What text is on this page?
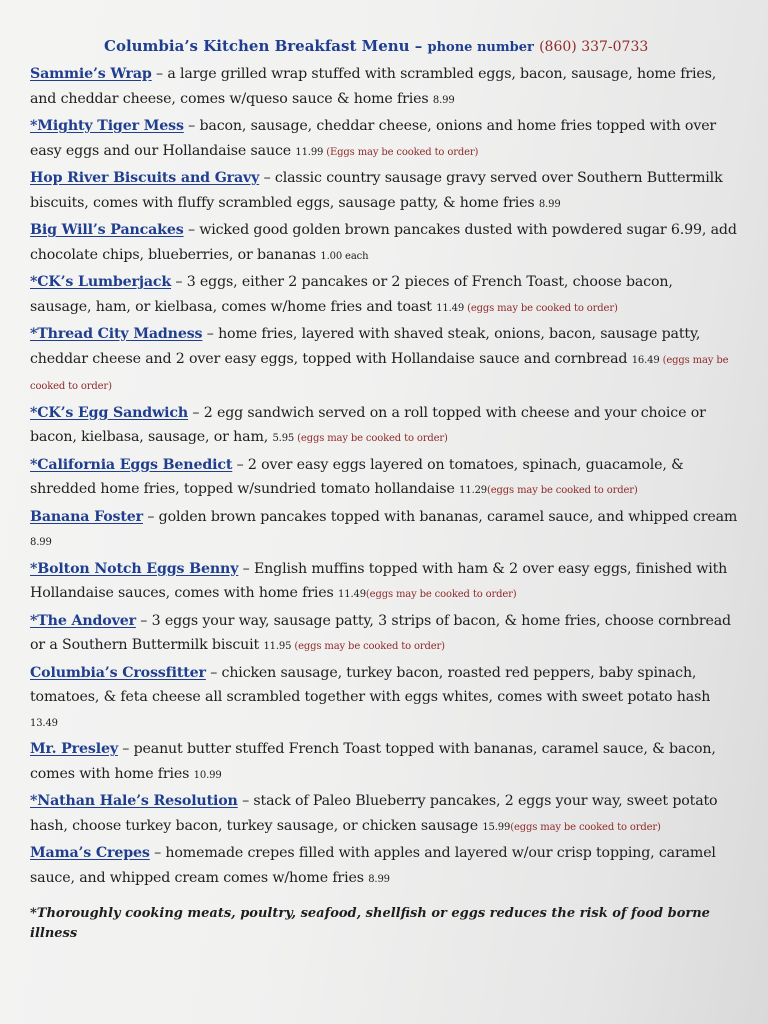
Columbia’s Kitchen Breakfast Menu – phone number (860) 337-0733
Sammie’s Wrap – a large grilled wrap stuffed with scrambled eggs, bacon, sausage, home fries, and cheddar cheese, comes w/queso sauce & home fries 8.99
*Mighty Tiger Mess – bacon, sausage, cheddar cheese, onions and home fries topped with over easy eggs and our Hollandaise sauce 11.99 (Eggs may be cooked to order)
Hop River Biscuits and Gravy – classic country sausage gravy served over Southern Buttermilk biscuits, comes with fluffy scrambled eggs, sausage patty, & home fries 8.99
Big Will’s Pancakes – wicked good golden brown pancakes dusted with powdered sugar 6.99, add chocolate chips, blueberries, or bananas 1.00 each
*CK’s Lumberjack – 3 eggs, either 2 pancakes or 2 pieces of French Toast, choose bacon, sausage, ham, or kielbasa, comes w/home fries and toast 11.49 (eggs may be cooked to order)
*Thread City Madness – home fries, layered with shaved steak, onions, bacon, sausage patty, cheddar cheese and 2 over easy eggs, topped with Hollandaise sauce and cornbread 16.49 (eggs may be cooked to order)
*CK’s Egg Sandwich – 2 egg sandwich served on a roll topped with cheese and your choice or bacon, kielbasa, sausage, or ham, 5.95 (eggs may be cooked to order)
*California Eggs Benedict – 2 over easy eggs layered on tomatoes, spinach, guacamole, & shredded home fries, topped w/sundried tomato hollandaise 11.29(eggs may be cooked to order)
Banana Foster – golden brown pancakes topped with bananas, caramel sauce, and whipped cream 8.99
*Bolton Notch Eggs Benny – English muffins topped with ham & 2 over easy eggs, finished with Hollandaise sauces, comes with home fries 11.49(eggs may be cooked to order)
*The Andover – 3 eggs your way, sausage patty, 3 strips of bacon, & home fries, choose cornbread or a Southern Buttermilk biscuit 11.95 (eggs may be cooked to order)
Columbia’s Crossfitter – chicken sausage, turkey bacon, roasted red peppers, baby spinach, tomatoes, & feta cheese all scrambled together with eggs whites, comes with sweet potato hash 13.49
Mr. Presley – peanut butter stuffed French Toast topped with bananas, caramel sauce, & bacon, comes with home fries 10.99
*Nathan Hale’s Resolution – stack of Paleo Blueberry pancakes, 2 eggs your way, sweet potato hash, choose turkey bacon, turkey sausage, or chicken sausage 15.99(eggs may be cooked to order)
Mama’s Crepes – homemade crepes filled with apples and layered w/our crisp topping, caramel sauce, and whipped cream comes w/home fries 8.99
*Thoroughly cooking meats, poultry, seafood, shellfish or eggs reduces the risk of food borne illness
